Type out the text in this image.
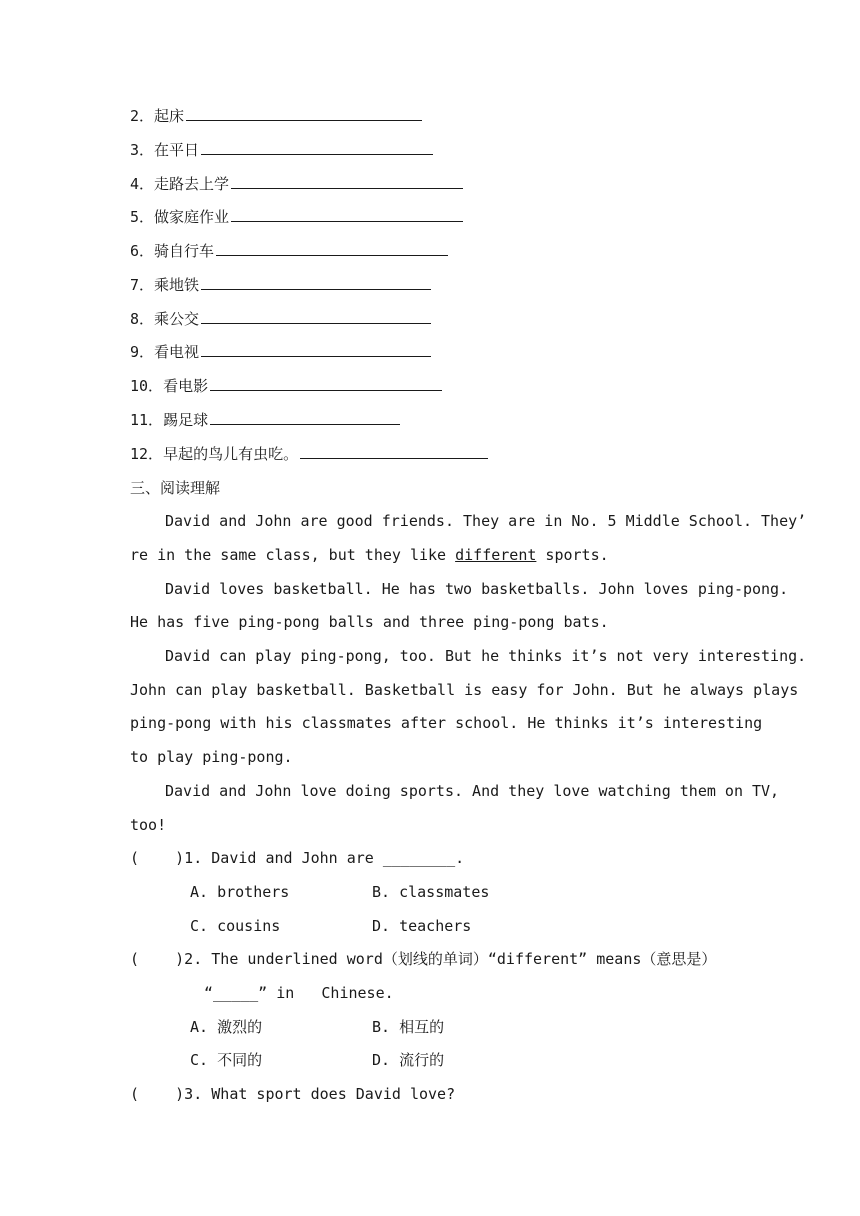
2．起床
3．在平日
4．走路去上学
5．做家庭作业
6．骑自行车
7．乘地铁
8．乘公交
9．看电视
10．看电影
11．踢足球
12．早起的鸟儿有虫吃。
三、阅读理解
David and John are good friends. They are in No. 5 Middle School. They’
re in the same class, but they like different sports.
David loves basketball. He has two basketballs. John loves ping-pong.
He has five ping-pong balls and three ping-pong bats.
David can play ping-pong, too. But he thinks it’s not very interesting.
John can play basketball. Basketball is easy for John. But he always plays
ping-pong with his classmates after school. He thinks it’s interesting
to play ping-pong.
David and John love doing sports. And they love watching them on TV,
too!
(    )1. David and John are ________.
A. brothers	B. classmates
C. cousins	D. teachers
(    )2. The underlined word（划线的单词）“different” means（意思是）
“_____” in   Chinese.
A. 激烈的	B. 相互的
C. 不同的	D. 流行的
(    )3. What sport does David love?
